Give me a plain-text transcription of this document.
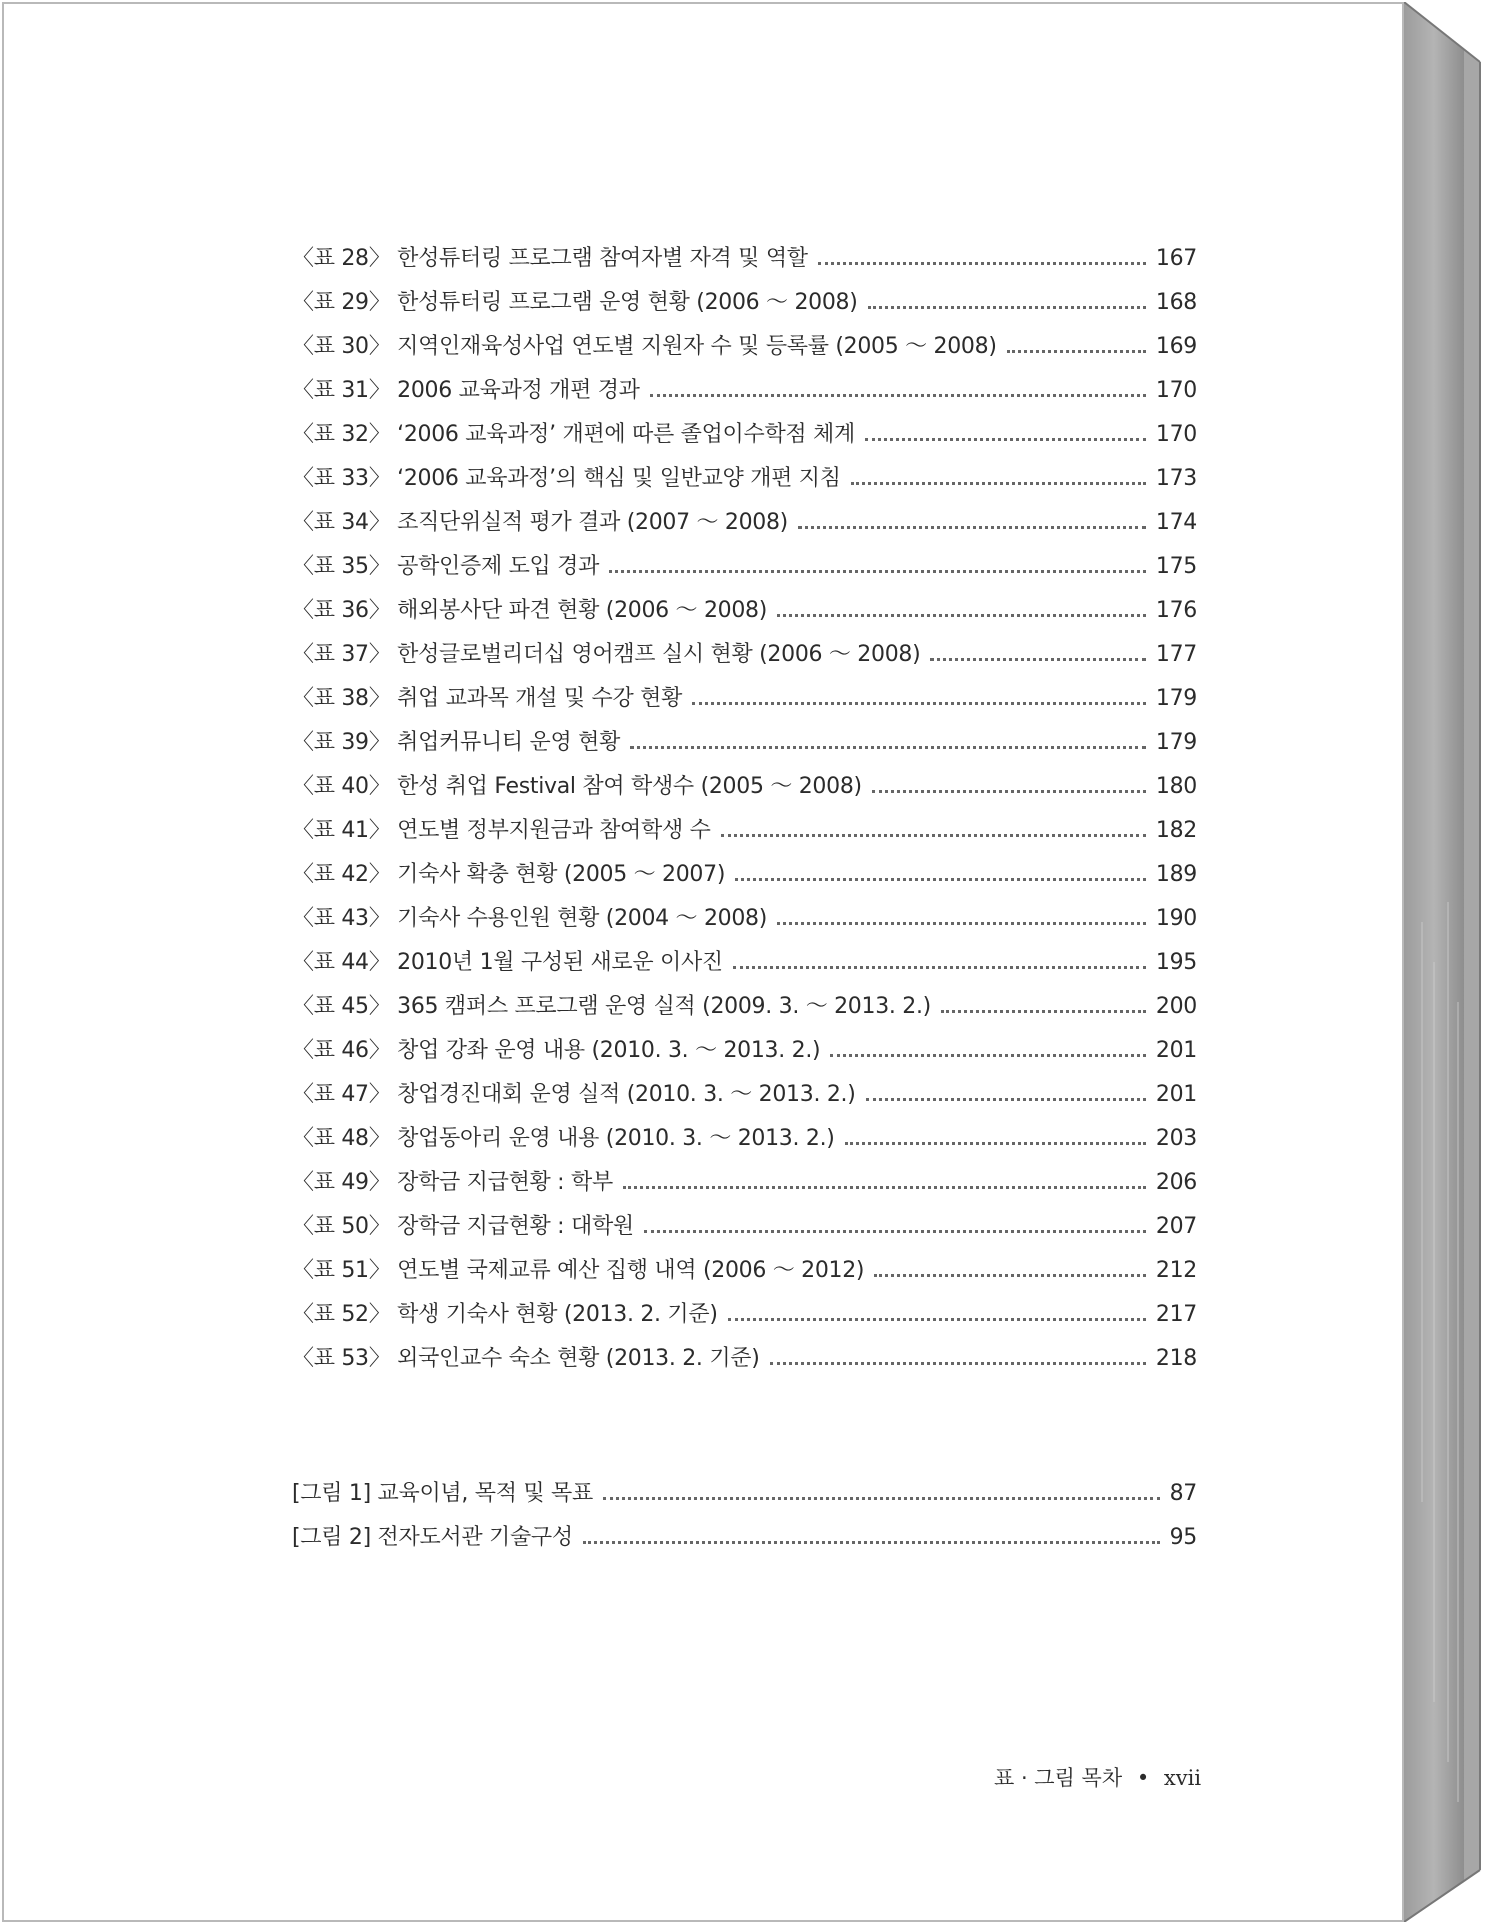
〈표 28〉 한성튜터링 프로그램 참여자별 자격 및 역할	167
〈표 29〉 한성튜터링 프로그램 운영 현황 (2006 ～ 2008)	168
〈표 30〉 지역인재육성사업 연도별 지원자 수 및 등록률 (2005 ～ 2008)	169
〈표 31〉 2006 교육과정 개편 경과	170
〈표 32〉 ‘2006 교육과정’ 개편에 따른 졸업이수학점 체계	170
〈표 33〉 ‘2006 교육과정’의 핵심 및 일반교양 개편 지침	173
〈표 34〉 조직단위실적 평가 결과 (2007 ～ 2008)	174
〈표 35〉 공학인증제 도입 경과	175
〈표 36〉 해외봉사단 파견 현황 (2006 ～ 2008)	176
〈표 37〉 한성글로벌리더십 영어캠프 실시 현황 (2006 ～ 2008)	177
〈표 38〉 취업 교과목 개설 및 수강 현황	179
〈표 39〉 취업커뮤니티 운영 현황	179
〈표 40〉 한성 취업 Festival 참여 학생수 (2005 ～ 2008)	180
〈표 41〉 연도별 정부지원금과 참여학생 수	182
〈표 42〉 기숙사 확충 현황 (2005 ～ 2007)	189
〈표 43〉 기숙사 수용인원 현황 (2004 ～ 2008)	190
〈표 44〉 2010년 1월 구성된 새로운 이사진	195
〈표 45〉 365 캠퍼스 프로그램 운영 실적 (2009. 3. ～ 2013. 2.)	200
〈표 46〉 창업 강좌 운영 내용 (2010. 3. ～ 2013. 2.)	201
〈표 47〉 창업경진대회 운영 실적 (2010. 3. ～ 2013. 2.)	201
〈표 48〉 창업동아리 운영 내용 (2010. 3. ～ 2013. 2.)	203
〈표 49〉 장학금 지급현황 : 학부	206
〈표 50〉 장학금 지급현황 : 대학원	207
〈표 51〉 연도별 국제교류 예산 집행 내역 (2006 ～ 2012)	212
〈표 52〉 학생 기숙사 현황 (2013. 2. 기준)	217
〈표 53〉 외국인교수 숙소 현황 (2013. 2. 기준)	218
[그림 1] 교육이념, 목적 및 목표	87
[그림 2] 전자도서관 기술구성	95
표 · 그림 목차 • xvii
